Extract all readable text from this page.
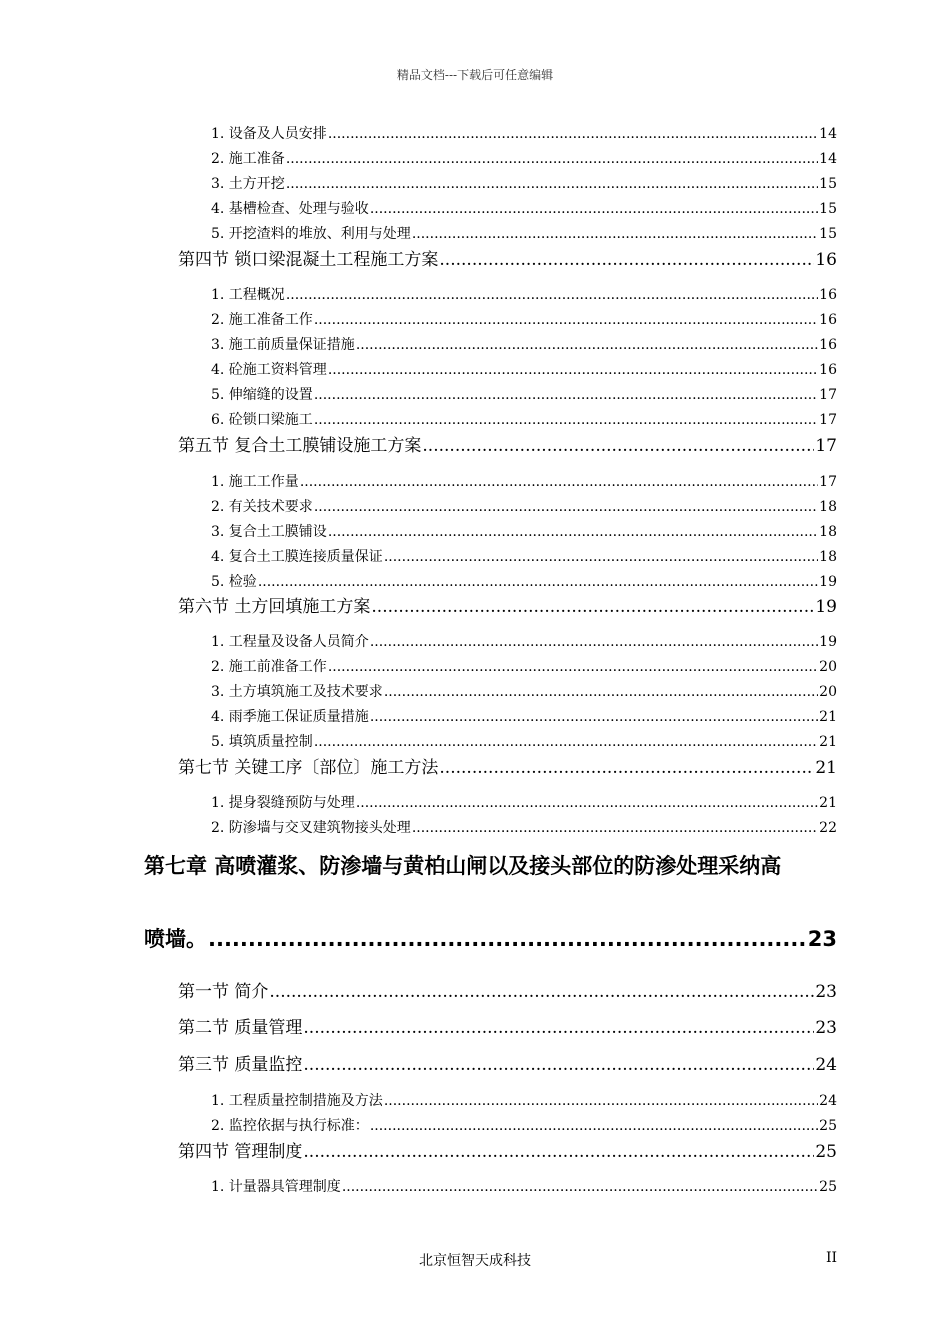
精品文档---下载后可任意编辑
1. 设备及人员安排 .....	14
2. 施工准备 .....	14
3. 土方开挖 .....	15
4. 基槽检查、处理与验收 .....	15
5. 开挖渣料的堆放、利用与处理 .....	15
第四节 锁口梁混凝土工程施工方案 .....	16
1. 工程概况 .....	16
2. 施工准备工作 .....	16
3. 施工前质量保证措施 .....	16
4. 砼施工资料管理 .....	16
5. 伸缩缝的设置 .....	17
6. 砼锁口梁施工 .....	17
第五节 复合土工膜铺设施工方案 .....	17
1. 施工工作量 .....	17
2. 有关技术要求 .....	18
3. 复合土工膜铺设 .....	18
4. 复合土工膜连接质量保证 .....	18
5. 检验 .....	19
第六节 土方回填施工方案 .....	19
1. 工程量及设备人员简介 .....	19
2. 施工前准备工作 .....	20
3. 土方填筑施工及技术要求 .....	20
4. 雨季施工保证质量措施 .....	21
5. 填筑质量控制 .....	21
第七节 关键工序〔部位〕施工方法 .....	21
1. 提身裂缝预防与处理 .....	21
2. 防渗墙与交叉建筑物接头处理 .....	22
第七章 高喷灌浆、防渗墙与黄柏山闸以及接头部位的防渗处理采纳高
喷墙。 .....	23
第一节 简介 .....	23
第二节 质量管理 .....	23
第三节 质量监控 .....	24
1. 工程质量控制措施及方法 .....	24
2. 监控依据与执行标准： .....	25
第四节 管理制度 .....	25
1. 计量器具管理制度 .....	25
北京恒智天成科技	II
